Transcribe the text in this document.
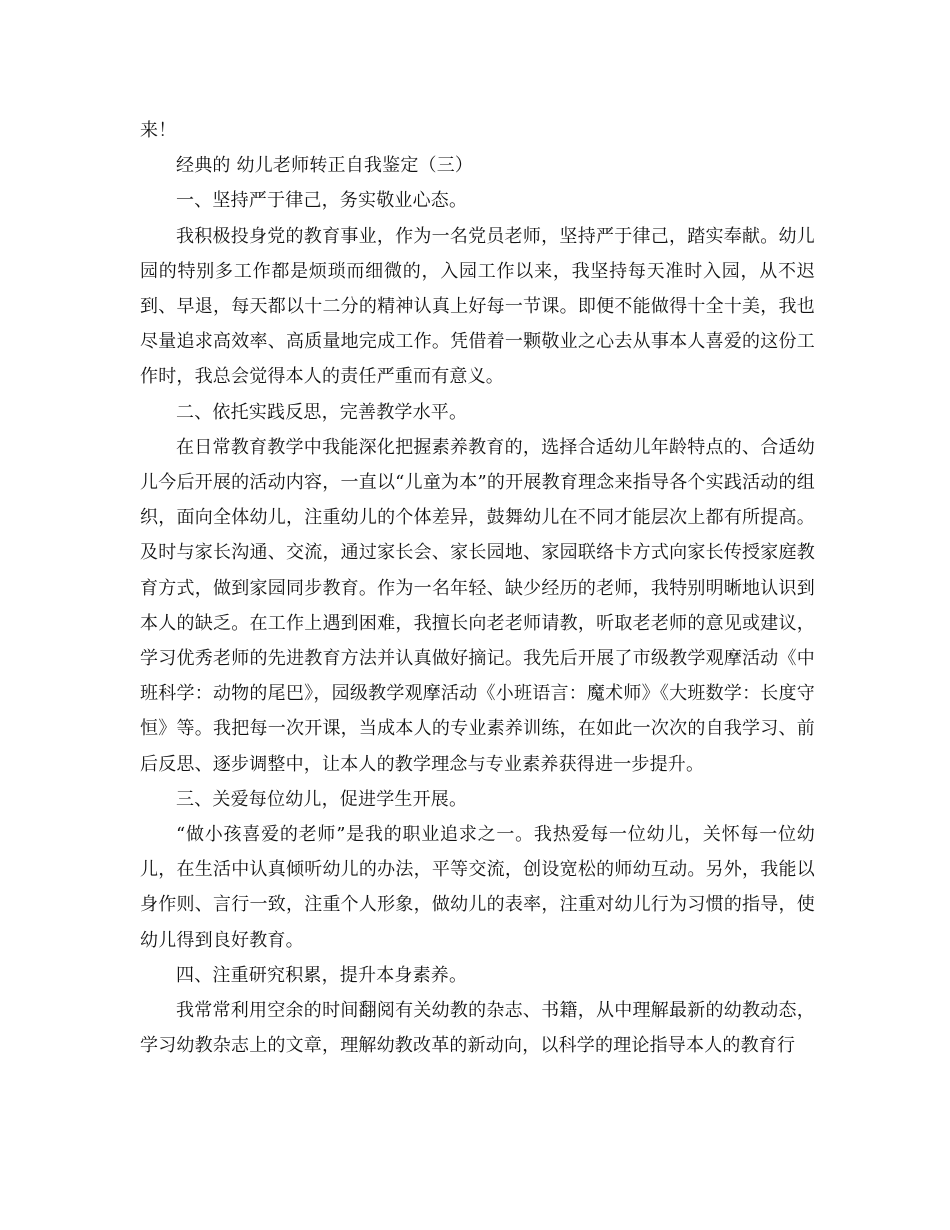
来！

经典的 幼儿老师转正自我鉴定（三）

一、坚持严于律己，务实敬业心态。

我积极投身党的教育事业，作为一名党员老师，坚持严于律己，踏实奉献。幼儿园的特别多工作都是烦琐而细微的，入园工作以来，我坚持每天准时入园，从不迟到、早退，每天都以十二分的精神认真上好每一节课。即便不能做得十全十美，我也尽量追求高效率、高质量地完成工作。凭借着一颗敬业之心去从事本人喜爱的这份工作时，我总会觉得本人的责任严重而有意义。

二、依托实践反思，完善教学水平。

在日常教育教学中我能深化把握素养教育的，选择合适幼儿年龄特点的、合适幼儿今后开展的活动内容，一直以“儿童为本”的开展教育理念来指导各个实践活动的组织，面向全体幼儿，注重幼儿的个体差异，鼓舞幼儿在不同才能层次上都有所提高。及时与家长沟通、交流，通过家长会、家长园地、家园联络卡方式向家长传授家庭教育方式，做到家园同步教育。作为一名年轻、缺少经历的老师，我特别明晰地认识到本人的缺乏。在工作上遇到困难，我擅长向老老师请教，听取老老师的意见或建议，学习优秀老师的先进教育方法并认真做好摘记。我先后开展了市级教学观摩活动《中班科学：动物的尾巴》，园级教学观摩活动《小班语言：魔术师》《大班数学：长度守恒》等。我把每一次开课，当成本人的专业素养训练，在如此一次次的自我学习、前后反思、逐步调整中，让本人的教学理念与专业素养获得进一步提升。

三、关爱每位幼儿，促进学生开展。

“做小孩喜爱的老师”是我的职业追求之一。我热爱每一位幼儿，关怀每一位幼儿，在生活中认真倾听幼儿的办法，平等交流，创设宽松的师幼互动。另外，我能以身作则、言行一致，注重个人形象，做幼儿的表率，注重对幼儿行为习惯的指导，使幼儿得到良好教育。

四、注重研究积累，提升本身素养。

我常常利用空余的时间翻阅有关幼教的杂志、书籍，从中理解最新的幼教动态，学习幼教杂志上的文章，理解幼教改革的新动向，以科学的理论指导本人的教育行
